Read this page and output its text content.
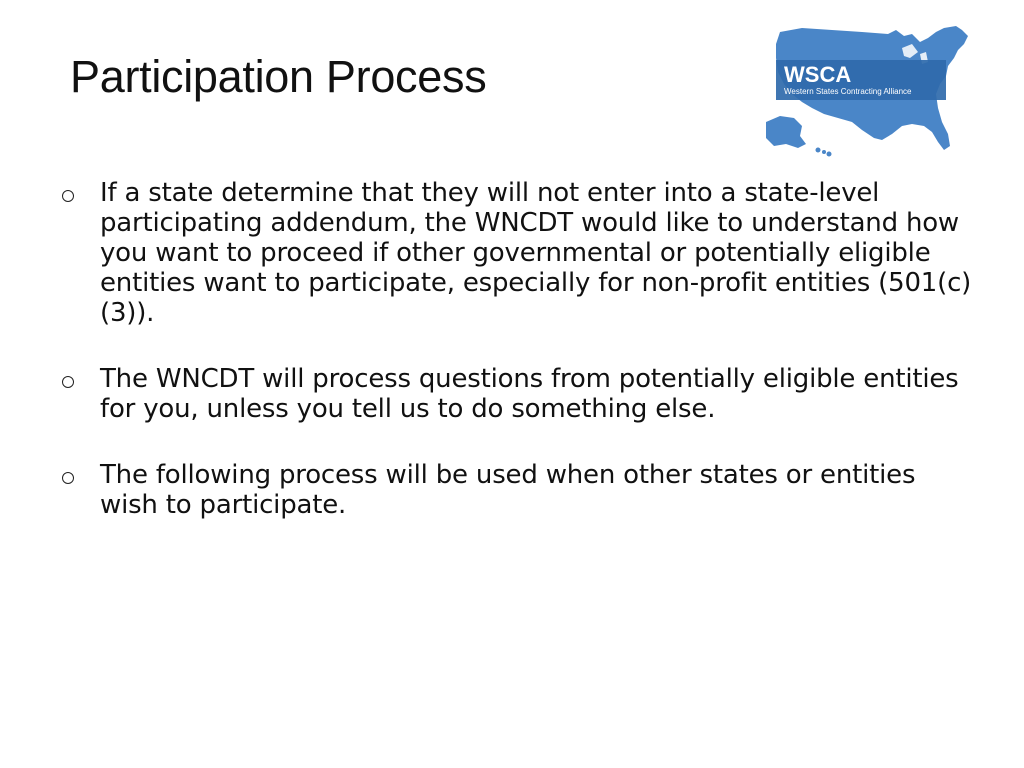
Participation Process	WSCA
Western States Contracting Alliance
If a state determine that they will not enter into a state-level participating addendum, the WNCDT would like to understand how you want to proceed if other governmental or potentially eligible entities want to participate, especially for non-profit entities (501(c)(3)).
The WNCDT will process questions from potentially eligible entities for you, unless you tell us to do something else.
The following process will be used when other states or entities wish to participate.
